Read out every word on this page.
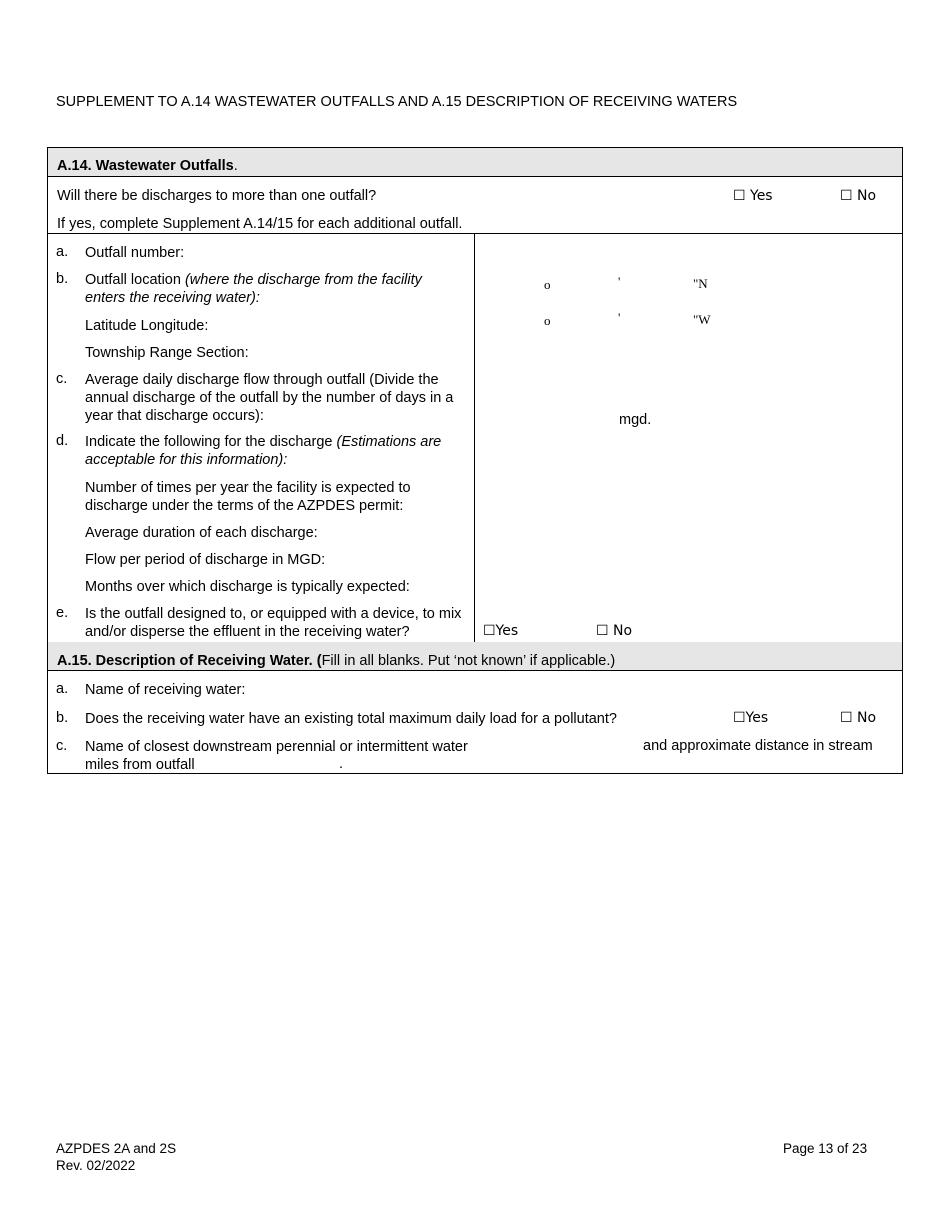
SUPPLEMENT TO A.14 WASTEWATER OUTFALLS AND A.15 DESCRIPTION OF RECEIVING WATERS
A.14. Wastewater Outfalls.
Will there be discharges to more than one outfall?	☐ Yes	☐ No
If yes, complete Supplement A.14/15 for each additional outfall.
a. Outfall number:
b. Outfall location (where the discharge from the facility enters the receiving water):
o	'	"N
Latitude Longitude:	o	'	"W
Township Range Section:
c. Average daily discharge flow through outfall (Divide the annual discharge of the outfall by the number of days in a year that discharge occurs):	mgd.
d. Indicate the following for the discharge (Estimations are acceptable for this information):
Number of times per year the facility is expected to discharge under the terms of the AZPDES permit:
Average duration of each discharge:
Flow per period of discharge in MGD:
Months over which discharge is typically expected:
e. Is the outfall designed to, or equipped with a device, to mix and/or disperse the effluent in the receiving water?	☐Yes	☐ No
A.15. Description of Receiving Water. (Fill in all blanks. Put ‘not known’ if applicable.)
a. Name of receiving water:
b. Does the receiving water have an existing total maximum daily load for a pollutant?	☐Yes	☐ No
c. Name of closest downstream perennial or intermittent water	and approximate distance in stream
miles from outfall	.
AZPDES 2A and 2S
Rev. 02/2022
Page 13 of 23
